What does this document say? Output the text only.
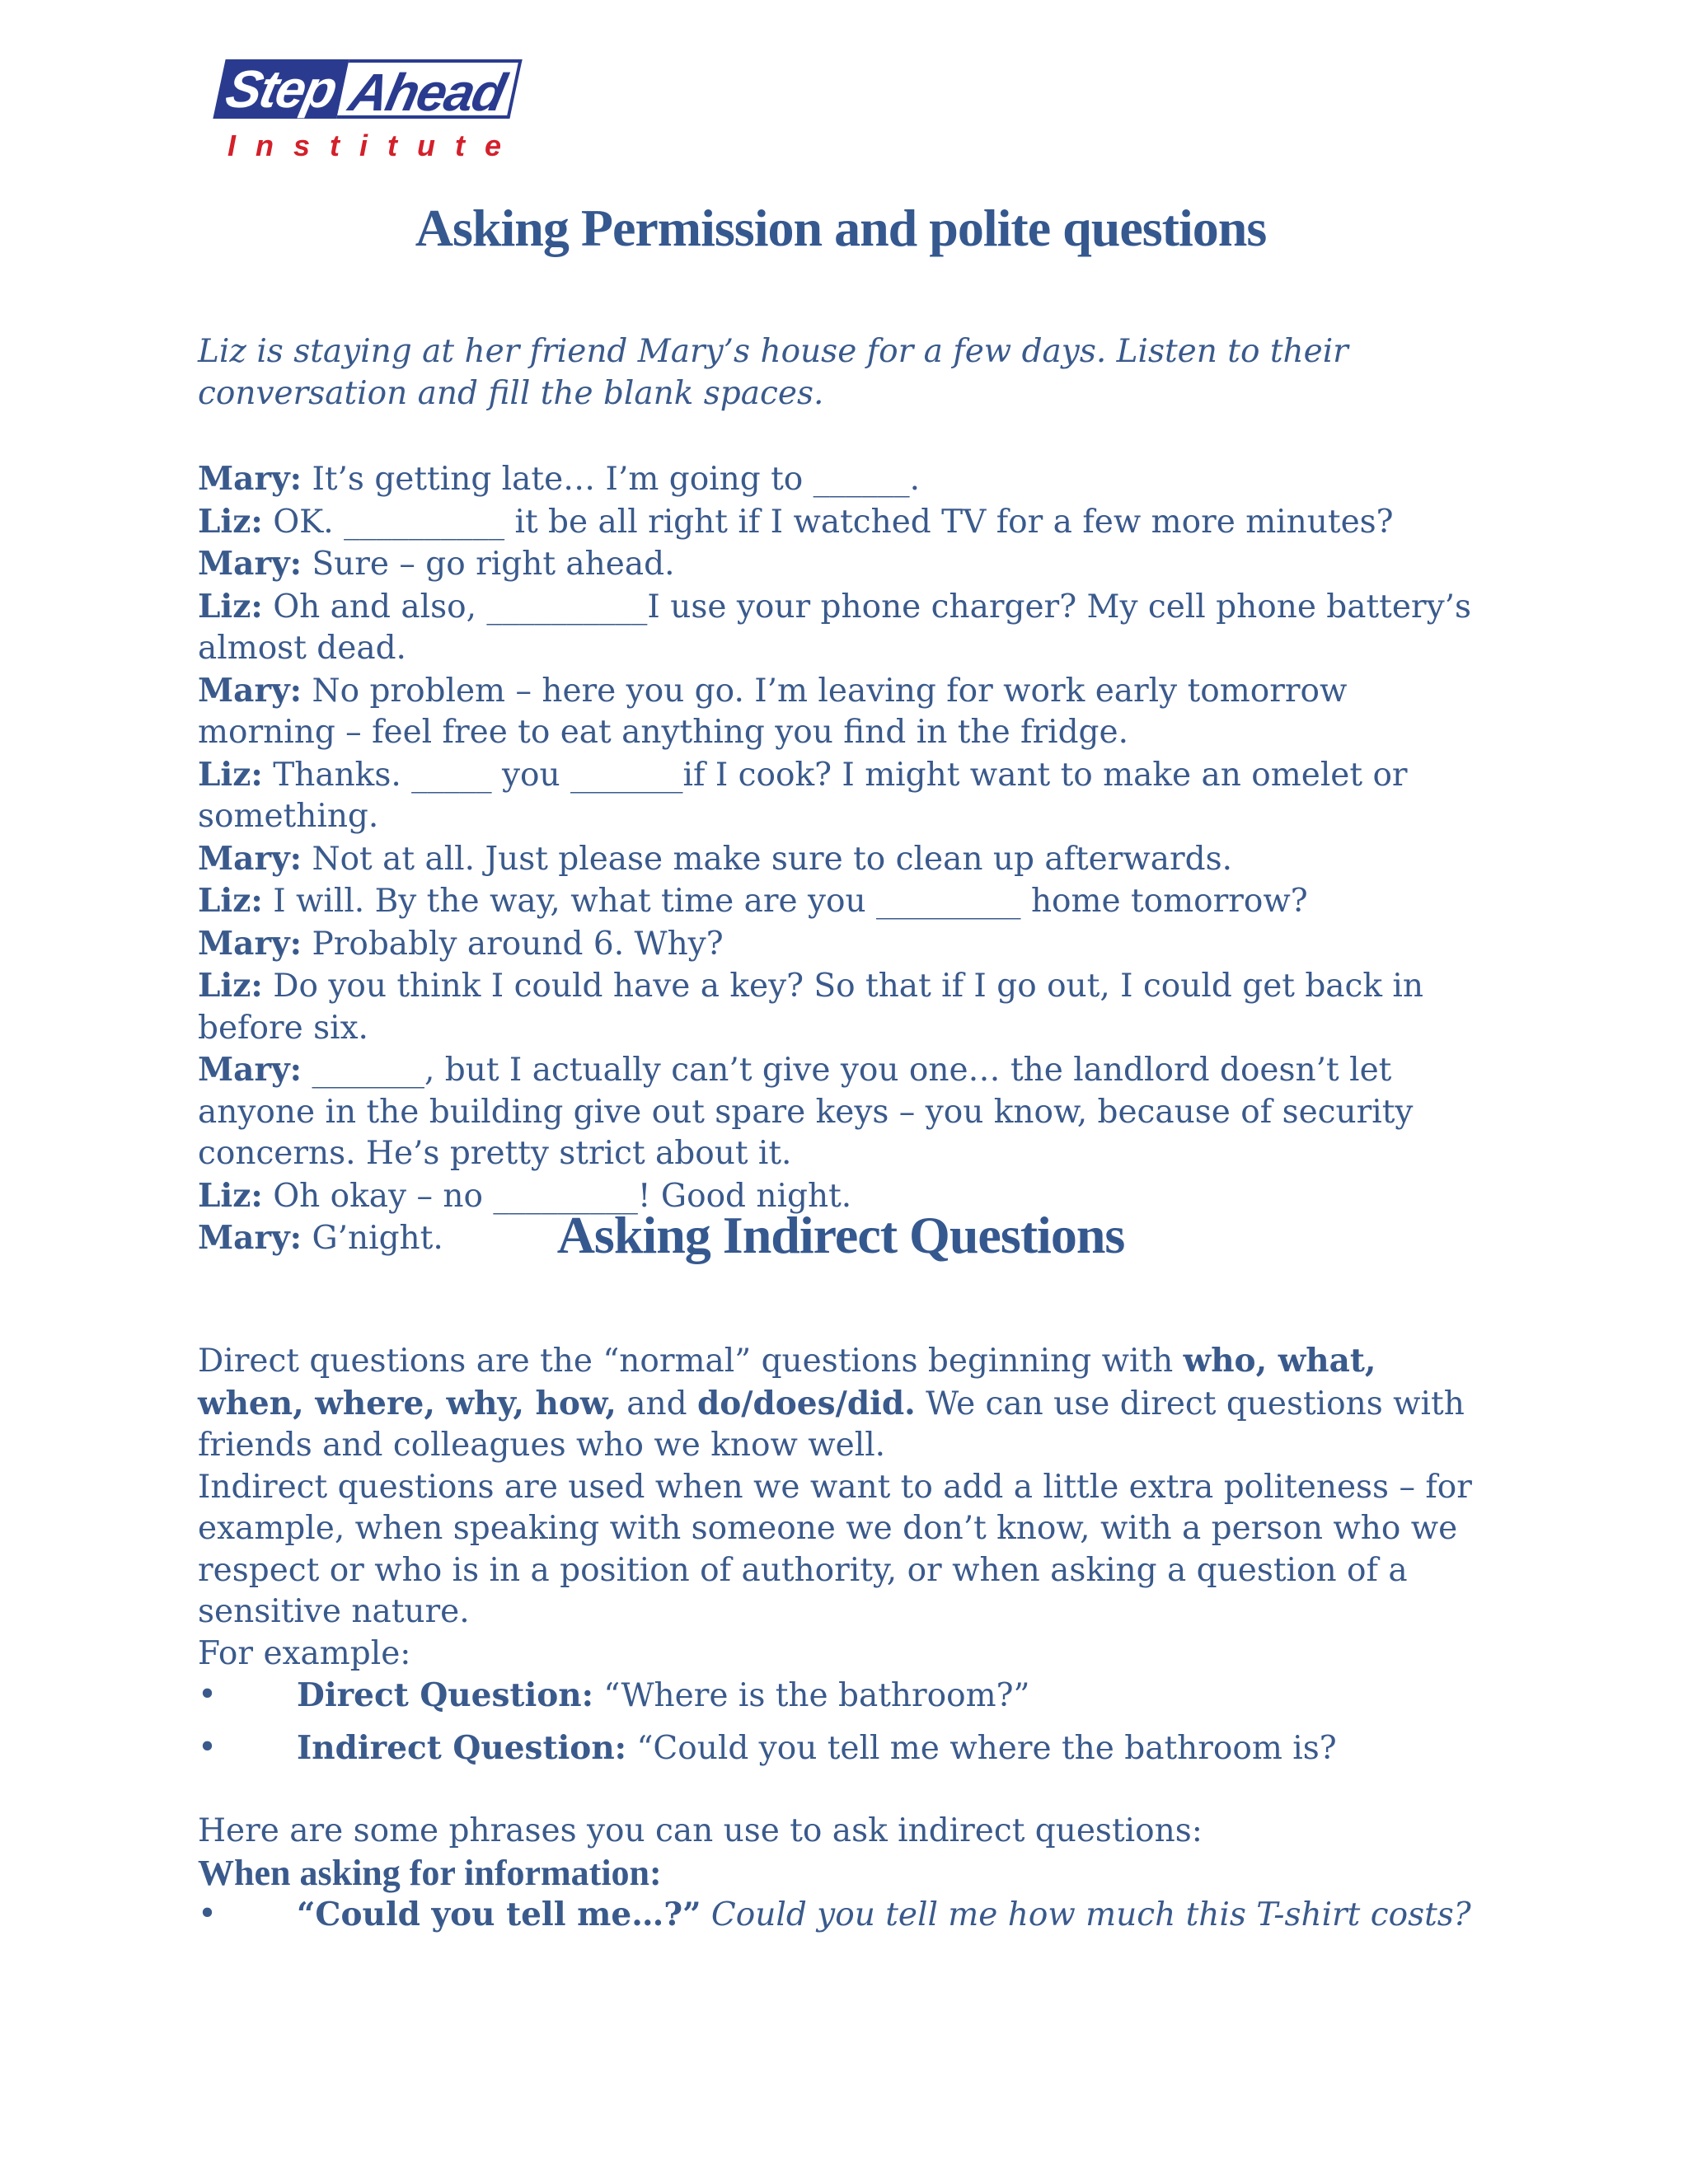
Step Ahead
Institute
Asking Permission and polite questions
Liz is staying at her friend Mary’s house for a few days. Listen to their conversation and fill the blank spaces.

Mary: It’s getting late… I’m going to ______.

Liz: OK. __________ it be all right if I watched TV for a few more minutes?

Mary: Sure – go right ahead.

Liz: Oh and also, __________I use your phone charger? My cell phone battery’s almost dead.

Mary: No problem – here you go. I’m leaving for work early tomorrow morning – feel free to eat anything you find in the fridge.

Liz: Thanks. _____ you _______if I cook? I might want to make an omelet or something.

Mary: Not at all. Just please make sure to clean up afterwards.

Liz: I will. By the way, what time are you _________ home tomorrow?

Mary: Probably around 6. Why?

Liz: Do you think I could have a key? So that if I go out, I could get back in before six.

Mary: _______, but I actually can’t give you one… the landlord doesn’t let anyone in the building give out spare keys – you know, because of security concerns. He’s pretty strict about it.

Liz: Oh okay – no _________! Good night.

Mary: G’night.	Asking Indirect Questions

Direct questions are the “normal” questions beginning with who, what, when, where, why, how, and do/does/did. We can use direct questions with friends and colleagues who we know well.

Indirect questions are used when we want to add a little extra politeness – for example, when speaking with someone we don’t know, with a person who we respect or who is in a position of authority, or when asking a question of a sensitive nature.

For example:

• Direct Question: “Where is the bathroom?”

• Indirect Question: “Could you tell me where the bathroom is?

Here are some phrases you can use to ask indirect questions:

When asking for information:

• “Could you tell me…?” Could you tell me how much this T-shirt costs?
